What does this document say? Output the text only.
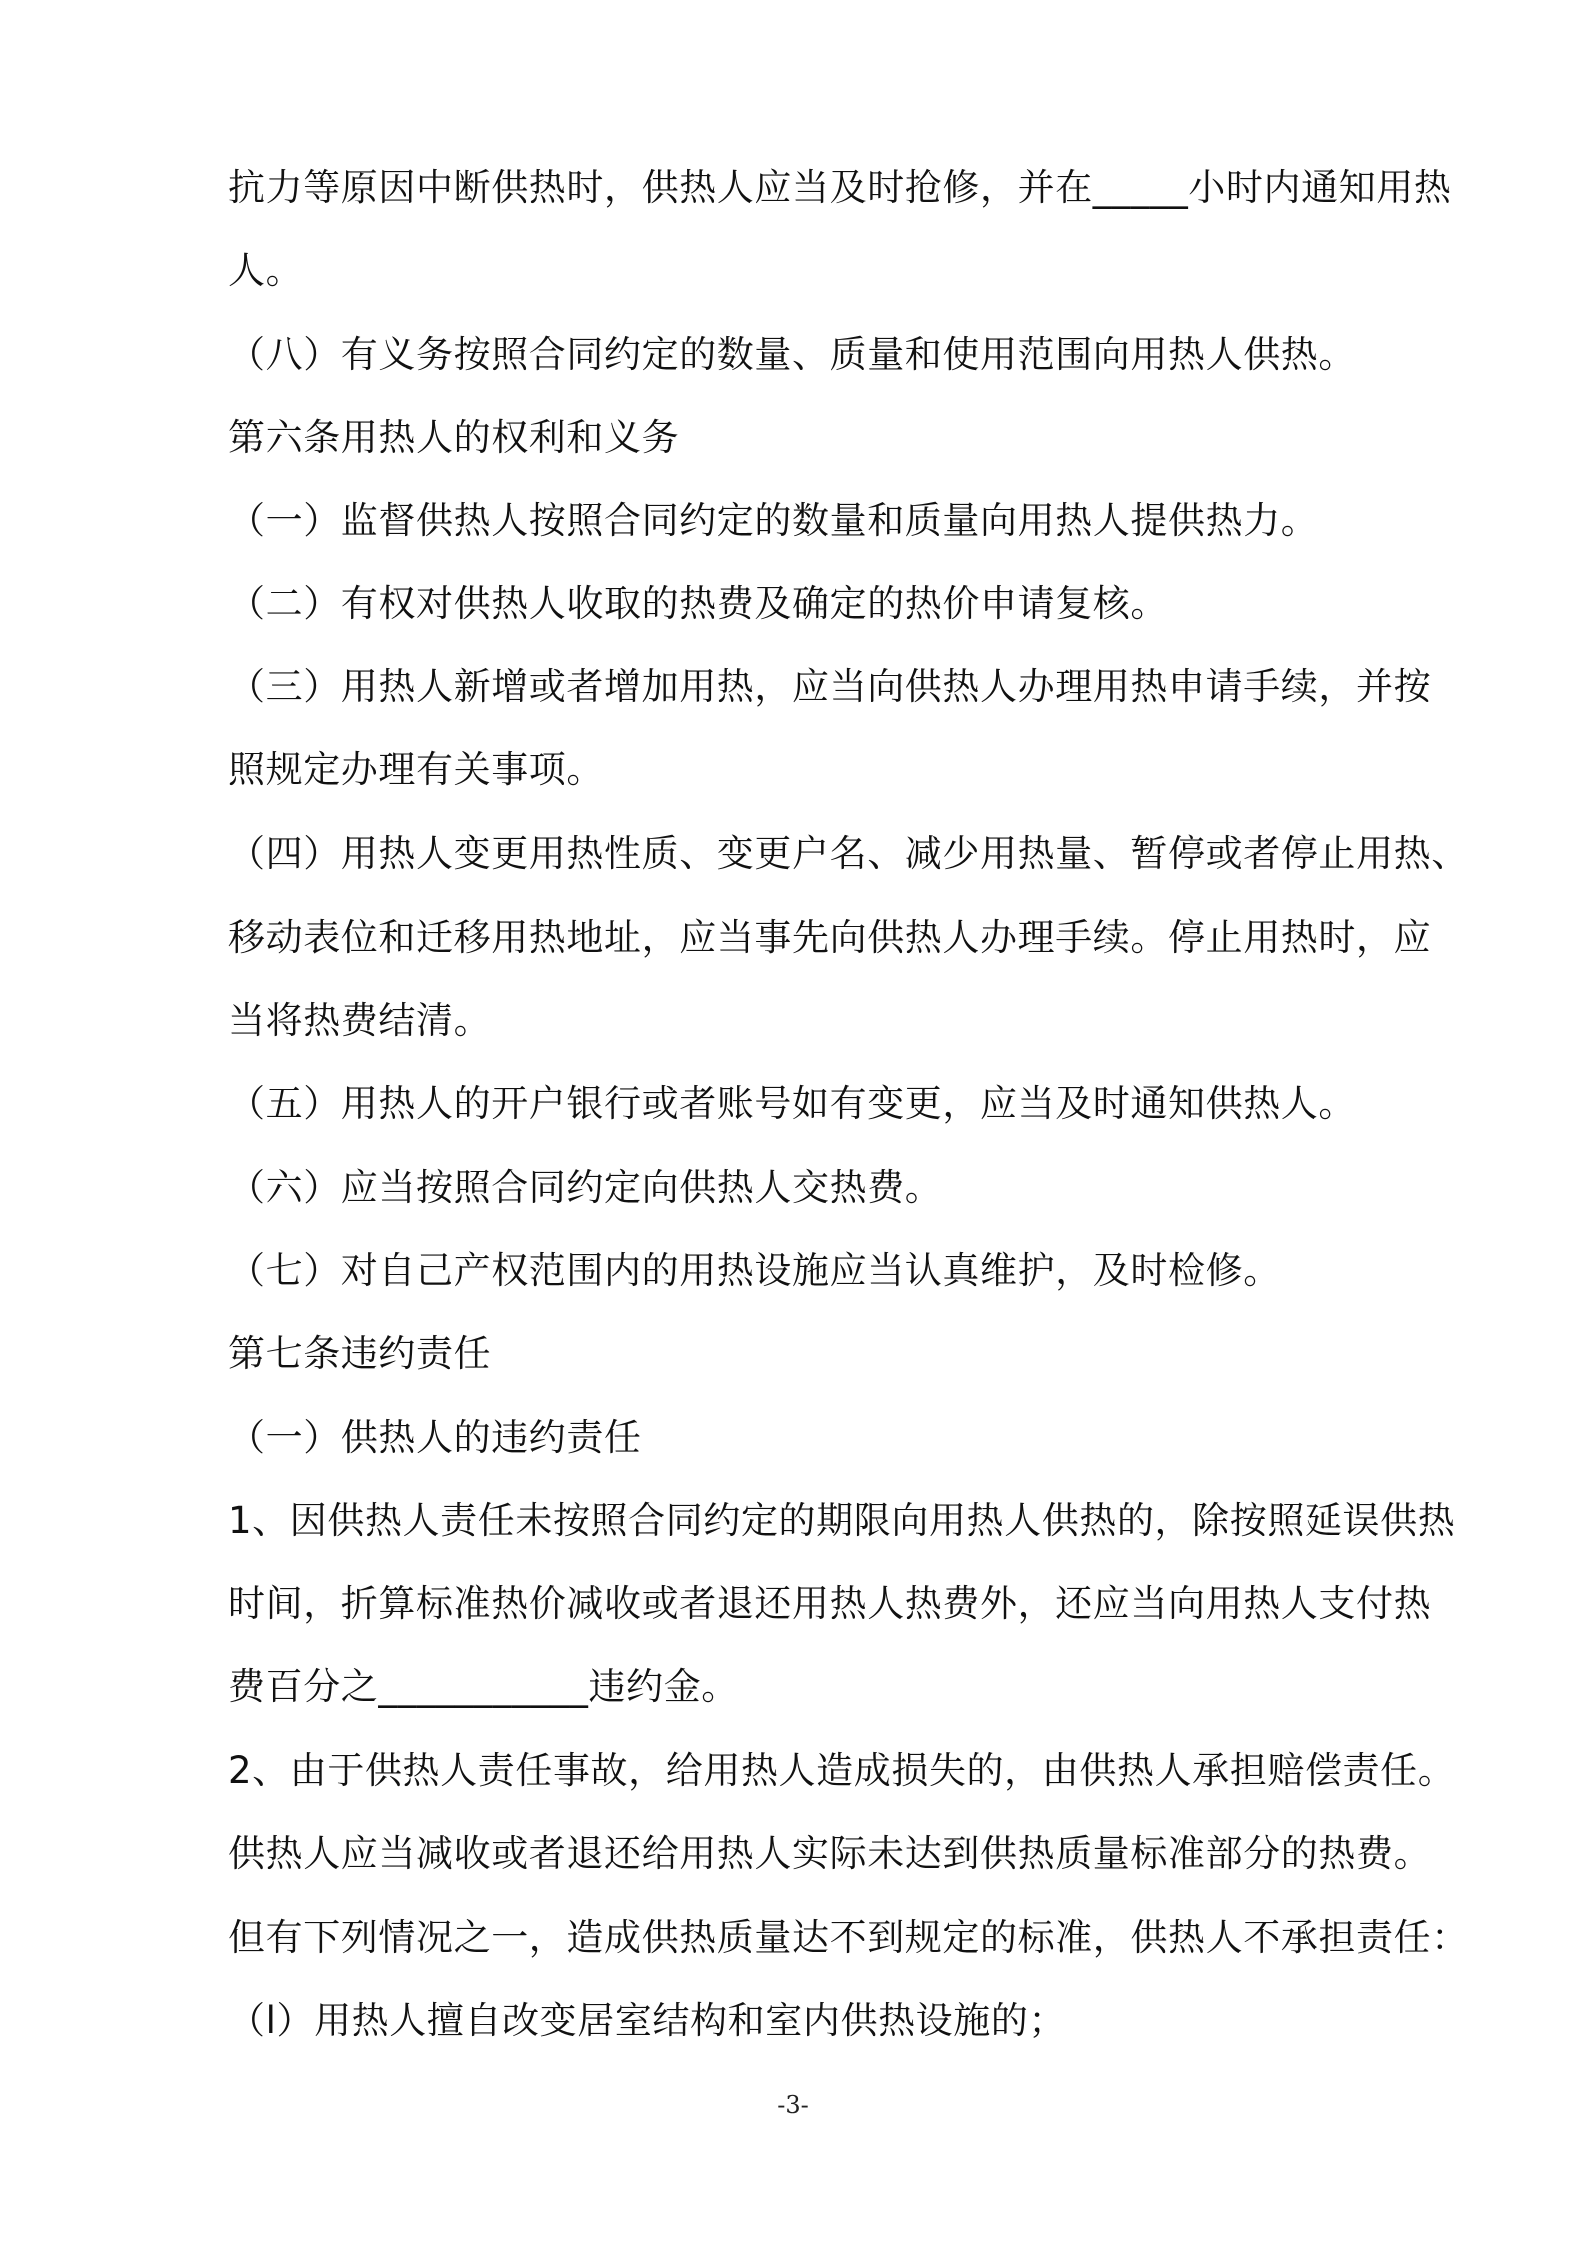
抗力等原因中断供热时，供热人应当及时抢修，并在_____小时内通知用热
人。
（八）有义务按照合同约定的数量、质量和使用范围向用热人供热。
第六条用热人的权利和义务
（一）监督供热人按照合同约定的数量和质量向用热人提供热力。
（二）有权对供热人收取的热费及确定的热价申请复核。
（三）用热人新增或者增加用热，应当向供热人办理用热申请手续，并按
照规定办理有关事项。
（四）用热人变更用热性质、变更户名、减少用热量、暂停或者停止用热、
移动表位和迁移用热地址，应当事先向供热人办理手续。停止用热时，应
当将热费结清。
（五）用热人的开户银行或者账号如有变更，应当及时通知供热人。
（六）应当按照合同约定向供热人交热费。
（七）对自己产权范围内的用热设施应当认真维护，及时检修。
第七条违约责任
（一）供热人的违约责任
1、因供热人责任未按照合同约定的期限向用热人供热的，除按照延误供热
时间，折算标准热价减收或者退还用热人热费外，还应当向用热人支付热
费百分之___________违约金。
2、由于供热人责任事故，给用热人造成损失的，由供热人承担赔偿责任。
供热人应当减收或者退还给用热人实际未达到供热质量标准部分的热费。
但有下列情况之一，造成供热质量达不到规定的标准，供热人不承担责任：
（l）用热人擅自改变居室结构和室内供热设施的；
-3-
